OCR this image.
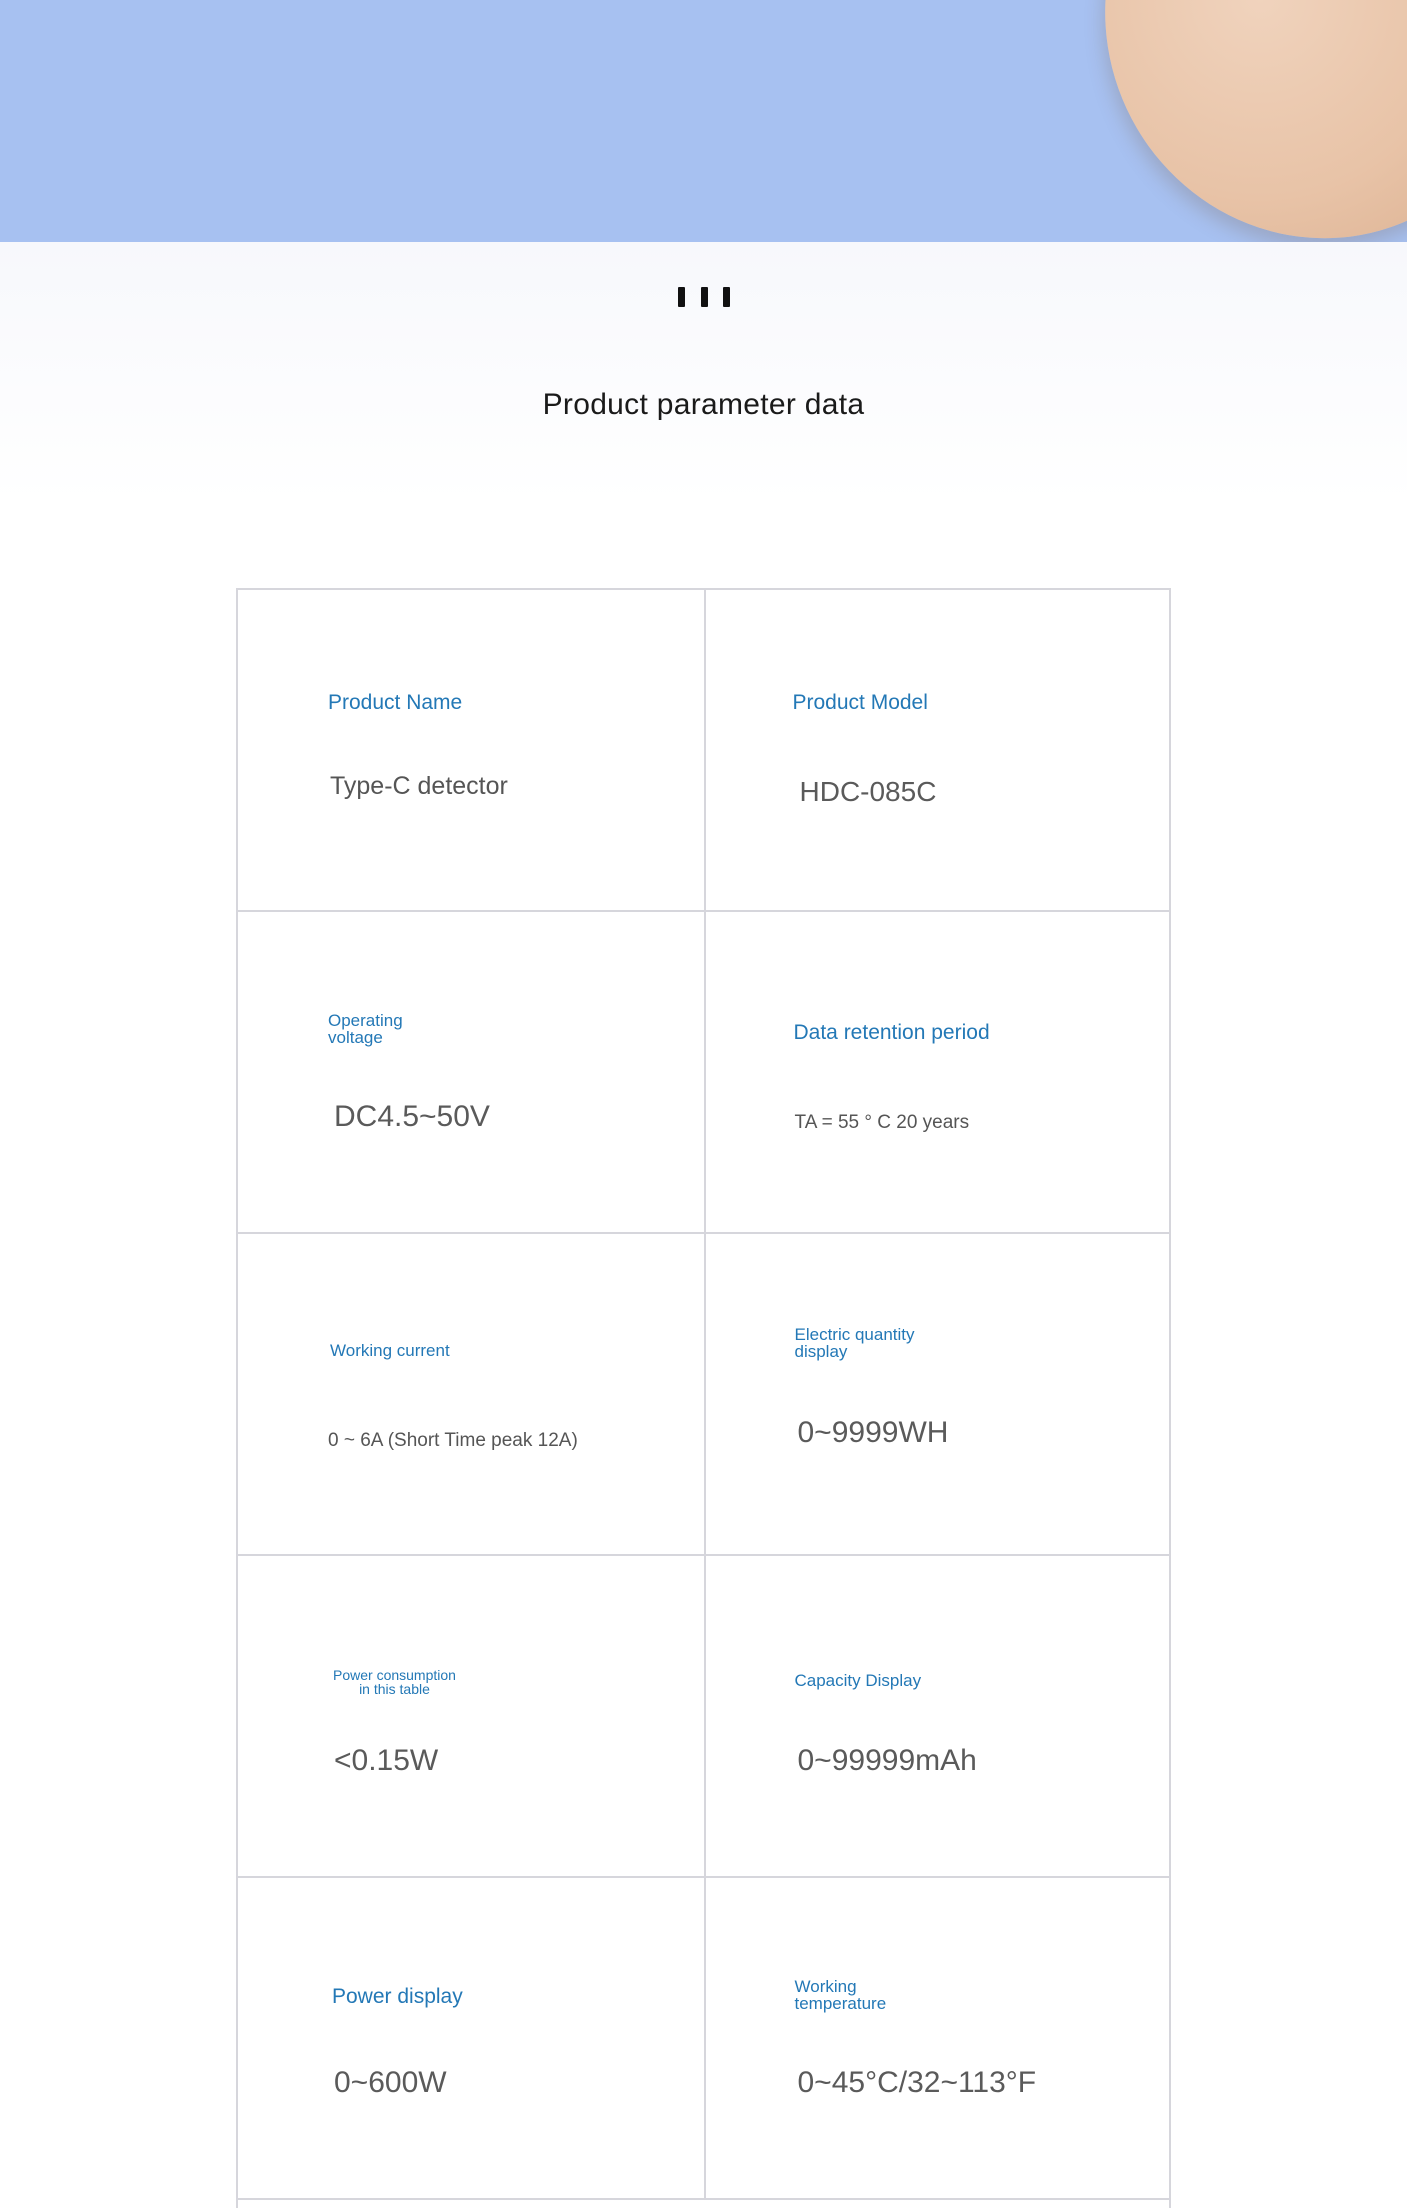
Product parameter data
Product Name
Type-C detector
Product Model
HDC-085C
Operating
voltage
DC4.5~50V
Data retention period
TA = 55 ° C 20 years
Working current
0 ~ 6A (Short Time peak 12A)
Electric quantity
display
0~9999WH
Power consumption
in this table
<0.15W
Capacity Display
0~99999mAh
Power display
0~600W
Working
temperature
0~45°C/32~113°F
